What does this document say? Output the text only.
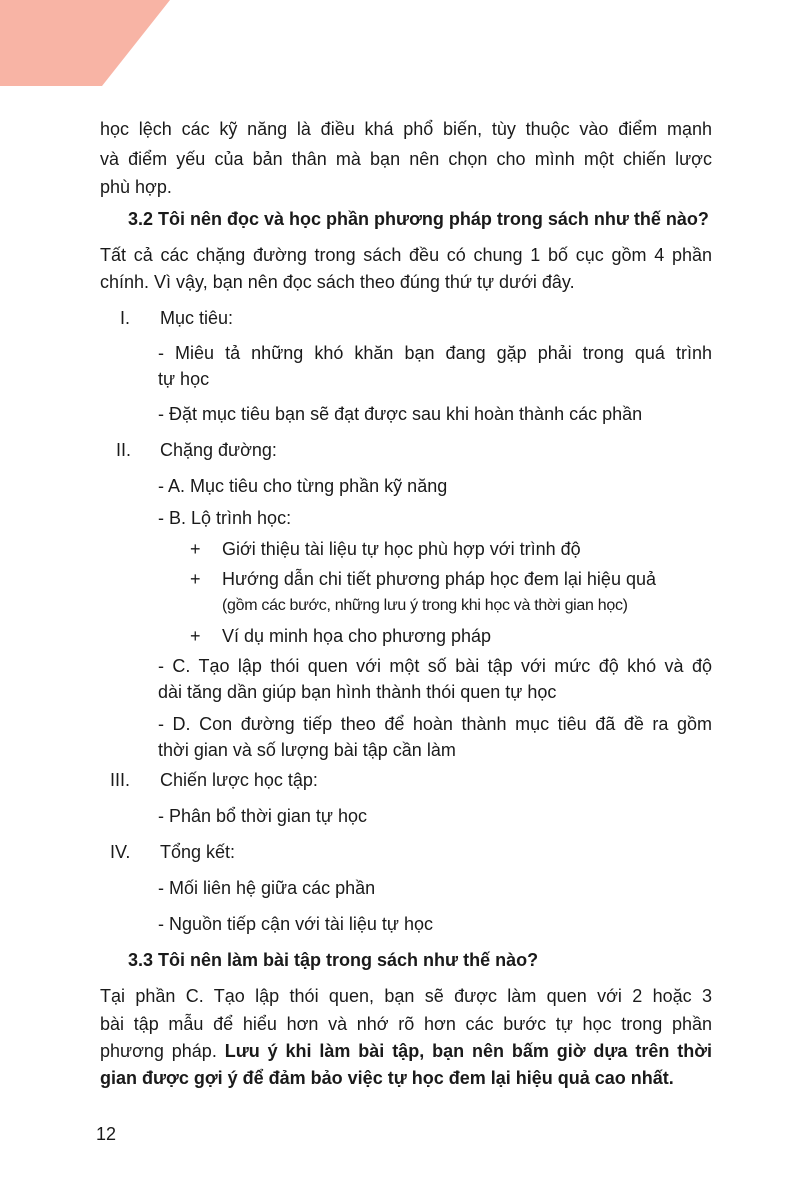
học lệch các kỹ năng là điều khá phổ biến, tùy thuộc vào điểm mạnh
và điểm yếu của bản thân mà bạn nên chọn cho mình một chiến lược
phù hợp.
3.2 Tôi nên đọc và học phần phương pháp trong sách như thế nào?
Tất cả các chặng đường trong sách đều có chung 1 bố cục gồm 4 phần
chính. Vì vậy, bạn nên đọc sách theo đúng thứ tự dưới đây.
I. Mục tiêu:
- Miêu tả những khó khăn bạn đang gặp phải trong quá trình
tự học
- Đặt mục tiêu bạn sẽ đạt được sau khi hoàn thành các phần
II. Chặng đường:
- A. Mục tiêu cho từng phần kỹ năng
- B. Lộ trình học:
+ Giới thiệu tài liệu tự học phù hợp với trình độ
+ Hướng dẫn chi tiết phương pháp học đem lại hiệu quả
(gồm các bước, những lưu ý trong khi học và thời gian học)
+ Ví dụ minh họa cho phương pháp
- C. Tạo lập thói quen với một số bài tập với mức độ khó và độ
dài tăng dần giúp bạn hình thành thói quen tự học
- D. Con đường tiếp theo để hoàn thành mục tiêu đã đề ra gồm
thời gian và số lượng bài tập cần làm
III. Chiến lược học tập:
- Phân bổ thời gian tự học
IV. Tổng kết:
- Mối liên hệ giữa các phần
- Nguồn tiếp cận với tài liệu tự học
3.3 Tôi nên làm bài tập trong sách như thế nào?
Tại phần C. Tạo lập thói quen, bạn sẽ được làm quen với 2 hoặc 3
bài tập mẫu để hiểu hơn và nhớ rõ hơn các bước tự học trong phần
phương pháp. Lưu ý khi làm bài tập, bạn nên bấm giờ dựa trên thời
gian được gợi ý để đảm bảo việc tự học đem lại hiệu quả cao nhất.
12
